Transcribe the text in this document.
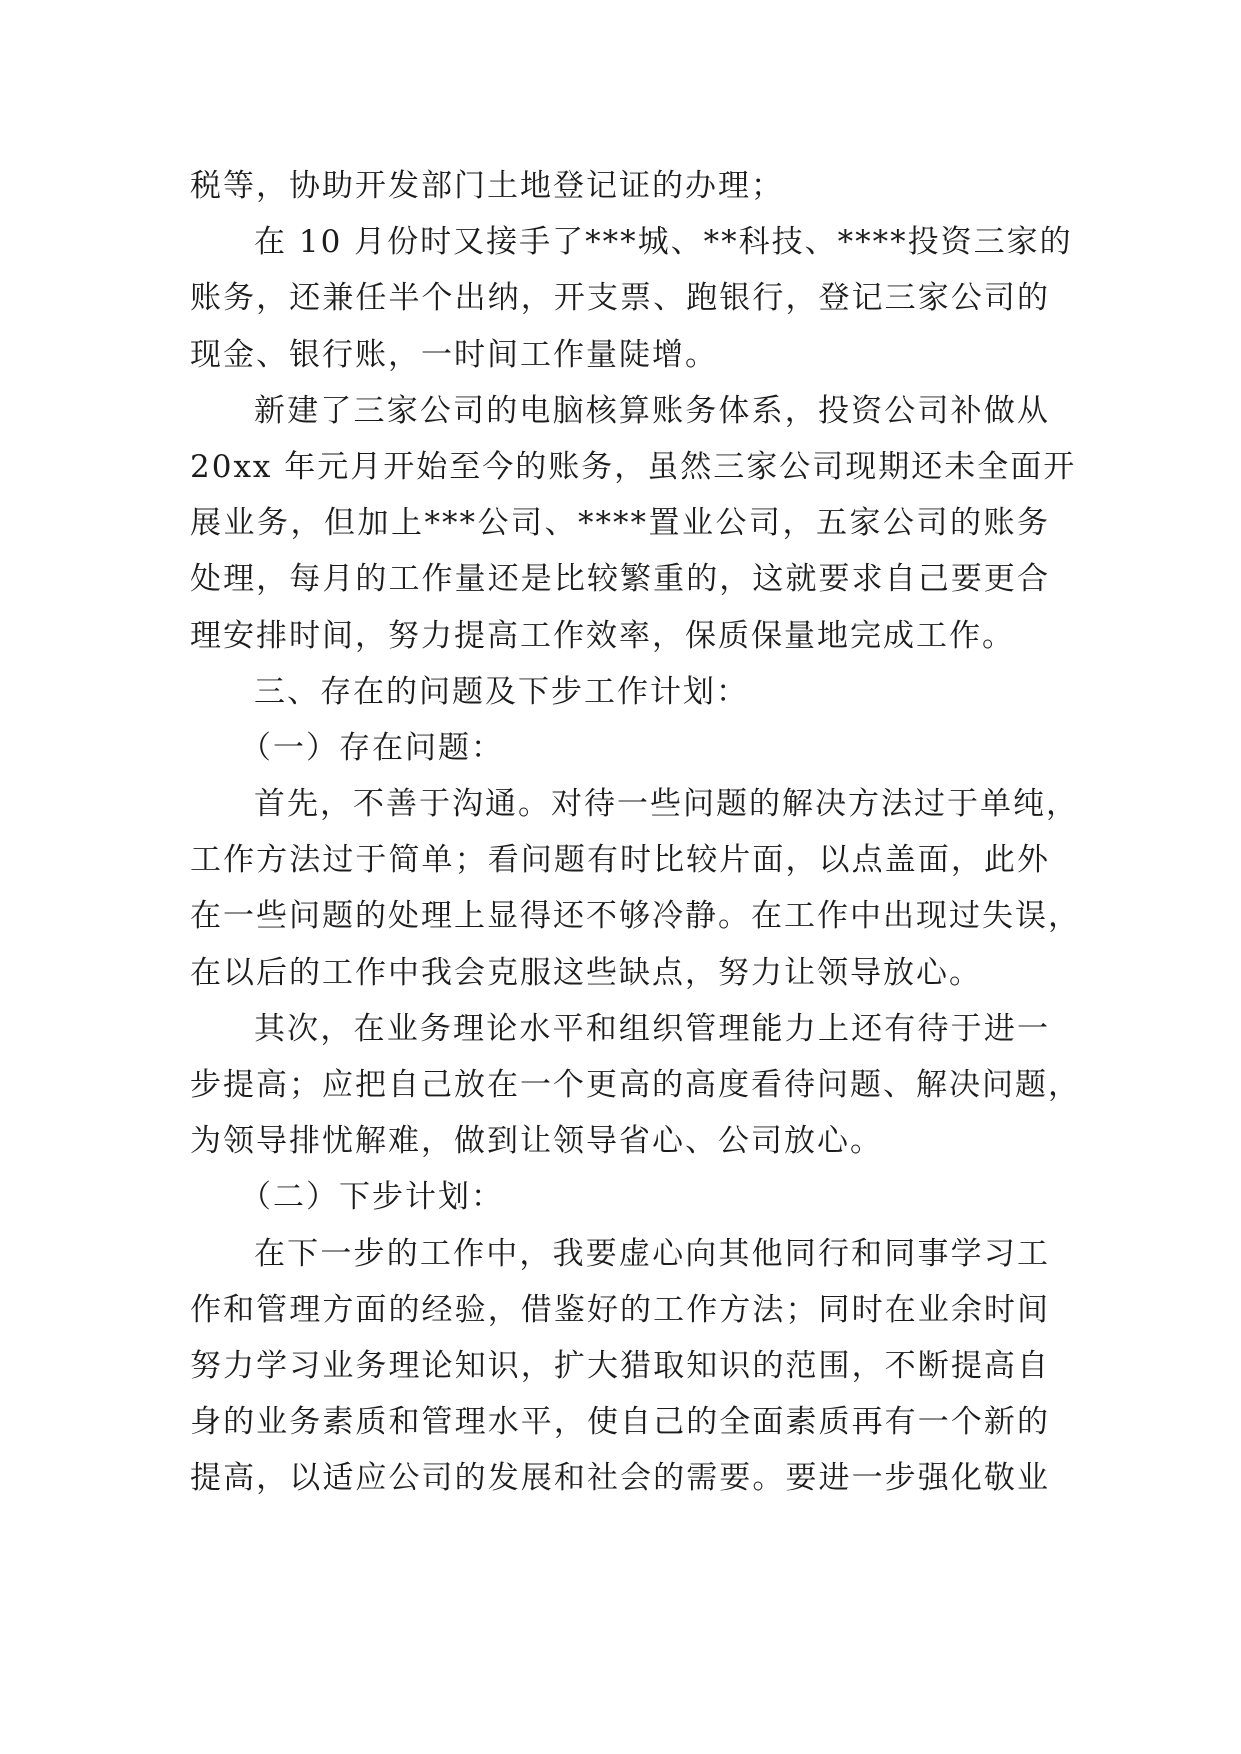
税等，协助开发部门土地登记证的办理；
在 10 月份时又接手了***城、**科技、****投资三家的
账务，还兼任半个出纳，开支票、跑银行，登记三家公司的
现金、银行账，一时间工作量陡增。
新建了三家公司的电脑核算账务体系，投资公司补做从
20xx 年元月开始至今的账务，虽然三家公司现期还未全面开
展业务，但加上***公司、****置业公司，五家公司的账务
处理，每月的工作量还是比较繁重的，这就要求自己要更合
理安排时间，努力提高工作效率，保质保量地完成工作。
三、存在的问题及下步工作计划：
（一）存在问题：
首先，不善于沟通。对待一些问题的解决方法过于单纯，
工作方法过于简单；看问题有时比较片面，以点盖面，此外
在一些问题的处理上显得还不够冷静。在工作中出现过失误，
在以后的工作中我会克服这些缺点，努力让领导放心。
其次，在业务理论水平和组织管理能力上还有待于进一
步提高；应把自己放在一个更高的高度看待问题、解决问题，
为领导排忧解难，做到让领导省心、公司放心。
（二）下步计划：
在下一步的工作中，我要虚心向其他同行和同事学习工
作和管理方面的经验，借鉴好的工作方法；同时在业余时间
努力学习业务理论知识，扩大猎取知识的范围，不断提高自
身的业务素质和管理水平，使自己的全面素质再有一个新的
提高，以适应公司的发展和社会的需要。要进一步强化敬业
